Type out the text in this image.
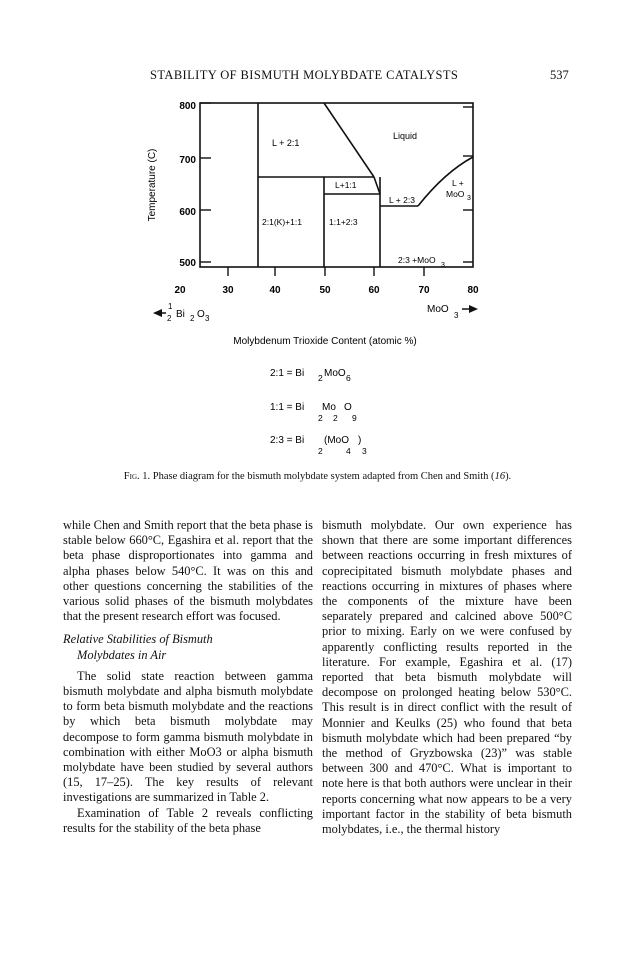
STABILITY OF BISMUTH MOLYBDATE CATALYSTS	537
800
700
600
500
Temperature (C)
20	30	40	50	60	70	80
1
2 Bi 2 O 3
MoO
3
Molybdenum Trioxide Content (atomic %)
L + 2:1
Liquid
L+1:1
L + 2:3
L +
MoO 3
2:1(K)+1:1	1:1+2:3
2:3 +MoO
3
2:1 = Bi 2 MoO 6
1:1 = Bi
2
Mo
2
O
9
2:3 = Bi
2
(MoO
4
)
3
Fig. 1. Phase diagram for the bismuth molybdate system adapted from Chen and Smith (16).

while Chen and Smith report that the beta phase is stable below 660°C, Egashira et al. report that the beta phase disproportionates into gamma and alpha phases below 540°C. It was on this and other questions concerning the stabilities of the various solid phases of the bismuth molybdates that the present research effort was focused.

Relative Stabilities of Bismuth
Molybdates in Air

The solid state reaction between gamma bismuth molybdate and alpha bismuth molybdate to form beta bismuth molybdate and the reactions by which beta bismuth molybdate may decompose to form gamma bismuth molybdate in combination with either MoO3 or alpha bismuth molybdate have been studied by several authors (15, 17–25). The key results of relevant investigations are summarized in Table 2.

Examination of Table 2 reveals conflicting results for the stability of the beta phase

bismuth molybdate. Our own experience has shown that there are some important differences between reactions occurring in fresh mixtures of coprecipitated bismuth molybdate phases and reactions occurring in mixtures of phases where the components of the mixture have been separately prepared and calcined above 500°C prior to mixing. Early on we were confused by apparently conflicting results reported in the literature. For example, Egashira et al. (17) reported that beta bismuth molybdate will decompose on prolonged heating below 530°C. This result is in direct conflict with the result of Monnier and Keulks (25) who found that beta bismuth molybdate which had been prepared “by the method of Gryzbowska (23)” was stable between 300 and 470°C. What is important to note here is that both authors were unclear in their reports concerning what now appears to be a very important factor in the stability of beta bismuth molybdates, i.e., the thermal history
